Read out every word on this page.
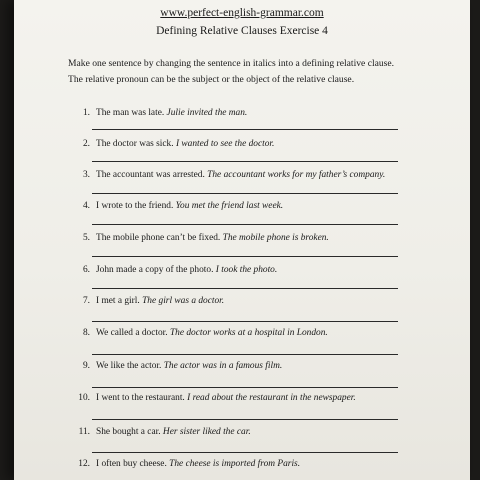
www.perfect-english-grammar.com
Defining Relative Clauses Exercise 4
Make one sentence by changing the sentence in italics into a defining relative clause.
The relative pronoun can be the subject or the object of the relative clause.
1. The man was late. Julie invited the man.
2. The doctor was sick. I wanted to see the doctor.
3. The accountant was arrested. The accountant works for my father’s company.
4. I wrote to the friend. You met the friend last week.
5. The mobile phone can’t be fixed. The mobile phone is broken.
6. John made a copy of the photo. I took the photo.
7. I met a girl. The girl was a doctor.
8. We called a doctor. The doctor works at a hospital in London.
9. We like the actor. The actor was in a famous film.
10. I went to the restaurant. I read about the restaurant in the newspaper.
11. She bought a car. Her sister liked the car.
12. I often buy cheese. The cheese is imported from Paris.
